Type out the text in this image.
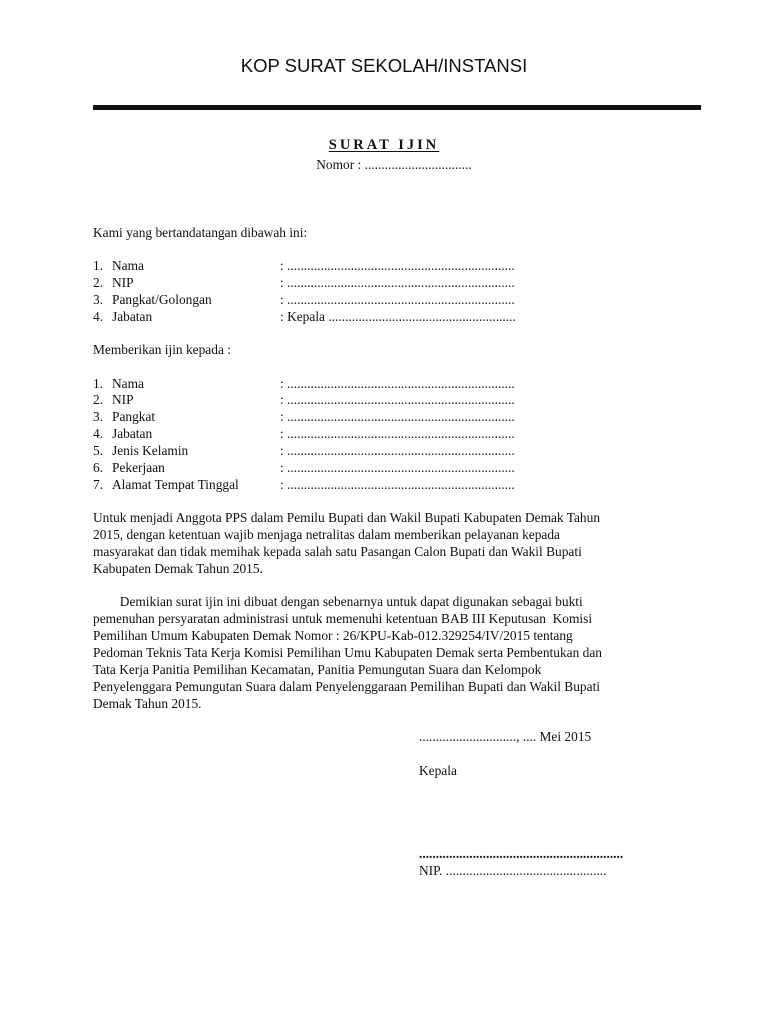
KOP SURAT SEKOLAH/INSTANSI
SURAT IJIN
Nomor : ................................
Kami yang bertandatangan dibawah ini:
1. Nama	: ....................................................................
2. NIP	: ....................................................................
3. Pangkat/Golongan	: ....................................................................
4. Jabatan	: Kepala ........................................................
Memberikan ijin kepada :
1. Nama	: ....................................................................
2. NIP	: ....................................................................
3. Pangkat	: ....................................................................
4. Jabatan	: ....................................................................
5. Jenis Kelamin	: ....................................................................
6. Pekerjaan	: ....................................................................
7. Alamat Tempat Tinggal	: ....................................................................

Untuk menjadi Anggota PPS dalam Pemilu Bupati dan Wakil Bupati Kabupaten Demak Tahun

2015, dengan ketentuan wajib menjaga netralitas dalam memberikan pelayanan kepada

masyarakat dan tidak memihak kepada salah satu Pasangan Calon Bupati dan Wakil Bupati

Kabupaten Demak Tahun 2015.

Demikian surat ijin ini dibuat dengan sebenarnya untuk dapat digunakan sebagai bukti

pemenuhan persyaratan administrasi untuk memenuhi ketentuan BAB III Keputusan  Komisi

Pemilihan Umum Kabupaten Demak Nomor : 26/KPU-Kab-012.329254/IV/2015 tentang

Pedoman Teknis Tata Kerja Komisi Pemilihan Umu Kabupaten Demak serta Pembentukan dan

Tata Kerja Panitia Pemilihan Kecamatan, Panitia Pemungutan Suara dan Kelompok

Penyelenggara Pemungutan Suara dalam Penyelenggaraan Pemilihan Bupati dan Wakil Bupati

Demak Tahun 2015.

............................., .... Mei 2015
Kepala
.............................................................
NIP. ................................................
